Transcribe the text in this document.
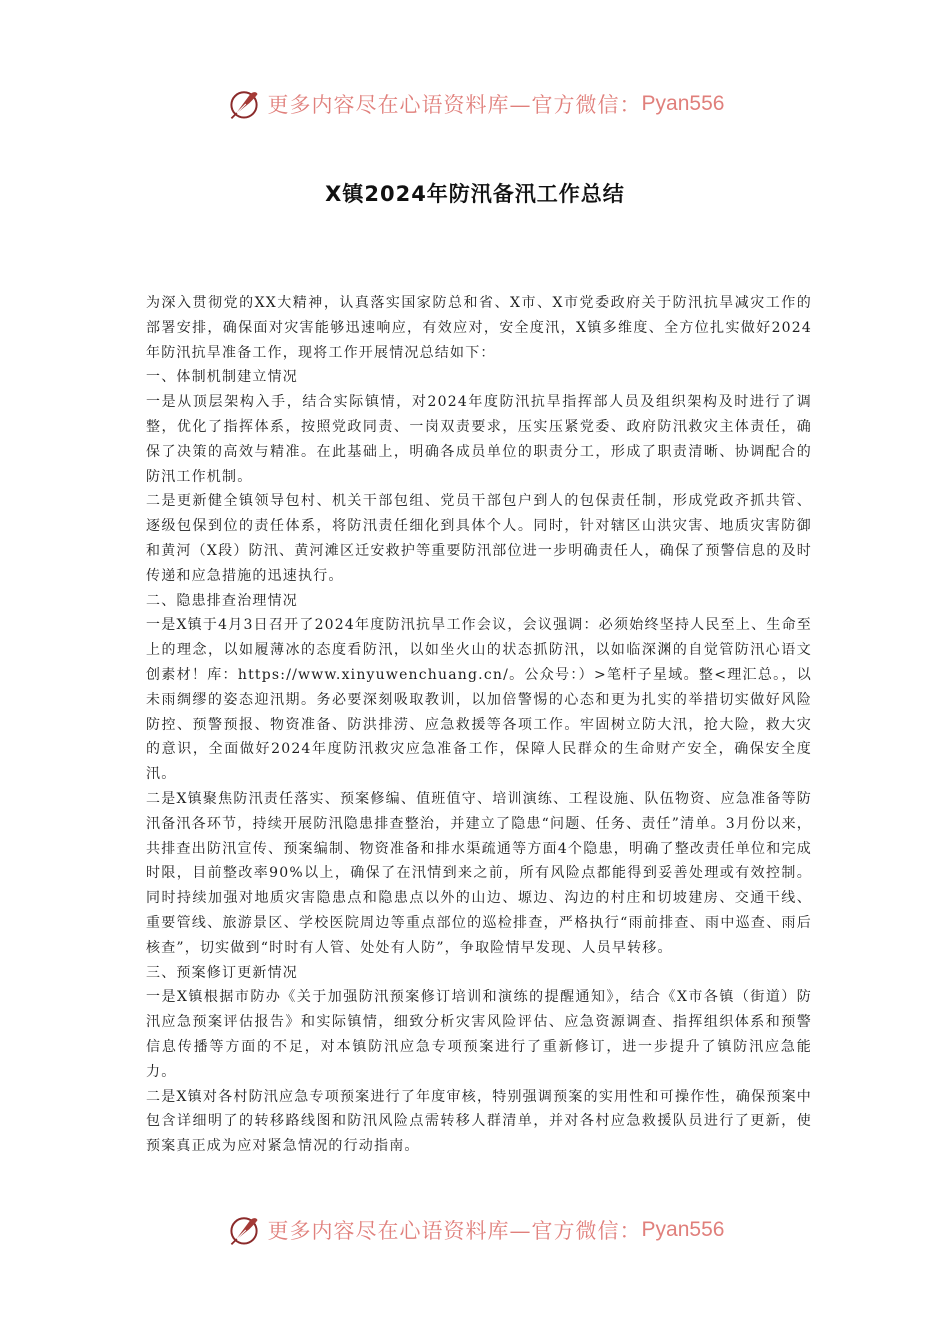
更多内容尽在心语资料库—官方微信： Pyan556
X镇2024年防汛备汛工作总结

为深入贯彻党的XX大精神，认真落实国家防总和省、X市、X市党委政府关于防汛抗旱减灾工作的部署安排，确保面对灾害能够迅速响应，有效应对，安全度汛，X镇多维度、全方位扎实做好2024年防汛抗旱准备工作，现将工作开展情况总结如下：

一、体制机制建立情况

一是从顶层架构入手，结合实际镇情，对2024年度防汛抗旱指挥部人员及组织架构及时进行了调整，优化了指挥体系，按照党政同责、一岗双责要求，压实压紧党委、政府防汛救灾主体责任，确保了决策的高效与精准。在此基础上，明确各成员单位的职责分工，形成了职责清晰、协调配合的防汛工作机制。

二是更新健全镇领导包村、机关干部包组、党员干部包户到人的包保责任制，形成党政齐抓共管、逐级包保到位的责任体系，将防汛责任细化到具体个人。同时，针对辖区山洪灾害、地质灾害防御和黄河（X段）防汛、黄河滩区迁安救护等重要防汛部位进一步明确责任人，确保了预警信息的及时传递和应急措施的迅速执行。

二、隐患排查治理情况

一是X镇于4月3日召开了2024年度防汛抗旱工作会议，会议强调：必须始终坚持人民至上、生命至上的理念，以如履薄冰的态度看防汛，以如坐火山的状态抓防汛，以如临深渊的自觉管防汛心语文创素材！库：https://www.xinyuwenchuang.cn/。公众号：）>笔杆子星域。整<理汇总。，以未雨绸缪的姿态迎汛期。务必要深刻吸取教训，以加倍警惕的心态和更为扎实的举措切实做好风险防控、预警预报、物资准备、防洪排涝、应急救援等各项工作。牢固树立防大汛，抢大险，救大灾的意识，全面做好2024年度防汛救灾应急准备工作，保障人民群众的生命财产安全，确保安全度汛。

二是X镇聚焦防汛责任落实、预案修编、值班值守、培训演练、工程设施、队伍物资、应急准备等防汛备汛各环节，持续开展防汛隐患排查整治，并建立了隐患“问题、任务、责任”清单。3月份以来，共排查出防汛宣传、预案编制、物资准备和排水渠疏通等方面4个隐患，明确了整改责任单位和完成时限，目前整改率90%以上，确保了在汛情到来之前，所有风险点都能得到妥善处理或有效控制。同时持续加强对地质灾害隐患点和隐患点以外的山边、塬边、沟边的村庄和切坡建房、交通干线、重要管线、旅游景区、学校医院周边等重点部位的巡检排查，严格执行“雨前排查、雨中巡查、雨后核查”，切实做到“时时有人管、处处有人防”，争取险情早发现、人员早转移。

三、预案修订更新情况

一是X镇根据市防办《关于加强防汛预案修订培训和演练的提醒通知》，结合《X市各镇（街道）防汛应急预案评估报告》和实际镇情，细致分析灾害风险评估、应急资源调查、指挥组织体系和预警信息传播等方面的不足，对本镇防汛应急专项预案进行了重新修订，进一步提升了镇防汛应急能力。

二是X镇对各村防汛应急专项预案进行了年度审核，特别强调预案的实用性和可操作性，确保预案中包含详细明了的转移路线图和防汛风险点需转移人群清单，并对各村应急救援队员进行了更新，使预案真正成为应对紧急情况的行动指南。

更多内容尽在心语资料库—官方微信： Pyan556
